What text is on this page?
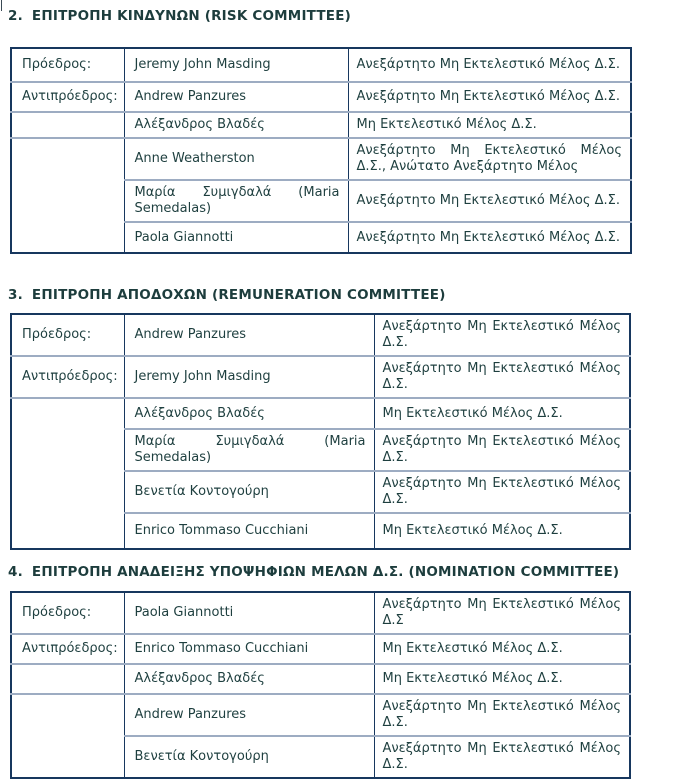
2. ΕΠΙΤΡΟΠΗ ΚΙΝΔΥΝΩΝ (RISK COMMITTEE)
Πρόεδρος:	Jeremy John Masding	Ανεξάρτητο Μη Εκτελεστικό Μέλος Δ.Σ.
Αντιπρόεδρος:	Andrew Panzures	Ανεξάρτητο Μη Εκτελεστικό Μέλος Δ.Σ.
	Αλέξανδρος Βλαδές	Μη Εκτελεστικό Μέλος Δ.Σ.
	Anne Weatherston	Ανεξάρτητο Μη Εκτελεστικό Μέλος Δ.Σ., Ανώτατο Ανεξάρτητο Μέλος
	Μαρία Συμιγδαλά (Maria Semedalas)	Ανεξάρτητο Μη Εκτελεστικό Μέλος Δ.Σ.
	Paola Giannotti	Ανεξάρτητο Μη Εκτελεστικό Μέλος Δ.Σ.
3. ΕΠΙΤΡΟΠΗ ΑΠΟΔΟΧΩΝ (REMUNERATION COMMITTEE)
Πρόεδρος:	Andrew Panzures	Ανεξάρτητο Μη Εκτελεστικό Μέλος Δ.Σ.
Αντιπρόεδρος:	Jeremy John Masding	Ανεξάρτητο Μη Εκτελεστικό Μέλος Δ.Σ.
	Αλέξανδρος Βλαδές	Μη Εκτελεστικό Μέλος Δ.Σ.
	Μαρία Συμιγδαλά (Maria Semedalas)	Ανεξάρτητο Μη Εκτελεστικό Μέλος Δ.Σ.
	Βενετία Κοντογούρη	Ανεξάρτητο Μη Εκτελεστικό Μέλος Δ.Σ.
	Enrico Tommaso Cucchiani	Μη Εκτελεστικό Μέλος Δ.Σ.
4. ΕΠΙΤΡΟΠΗ ΑΝΑΔΕΙΞΗΣ ΥΠΟΨΗΦΙΩΝ ΜΕΛΩΝ Δ.Σ. (NOMINATION COMMITTEE)
Πρόεδρος:	Paola Giannotti	Ανεξάρτητο Μη Εκτελεστικό Μέλος Δ.Σ
Αντιπρόεδρος:	Enrico Tommaso Cucchiani	Μη Εκτελεστικό Μέλος Δ.Σ.
	Αλέξανδρος Βλαδές	Μη Εκτελεστικό Μέλος Δ.Σ.
	Andrew Panzures	Ανεξάρτητο Μη Εκτελεστικό Μέλος Δ.Σ.
	Βενετία Κοντογούρη	Ανεξάρτητο Μη Εκτελεστικό Μέλος Δ.Σ.
